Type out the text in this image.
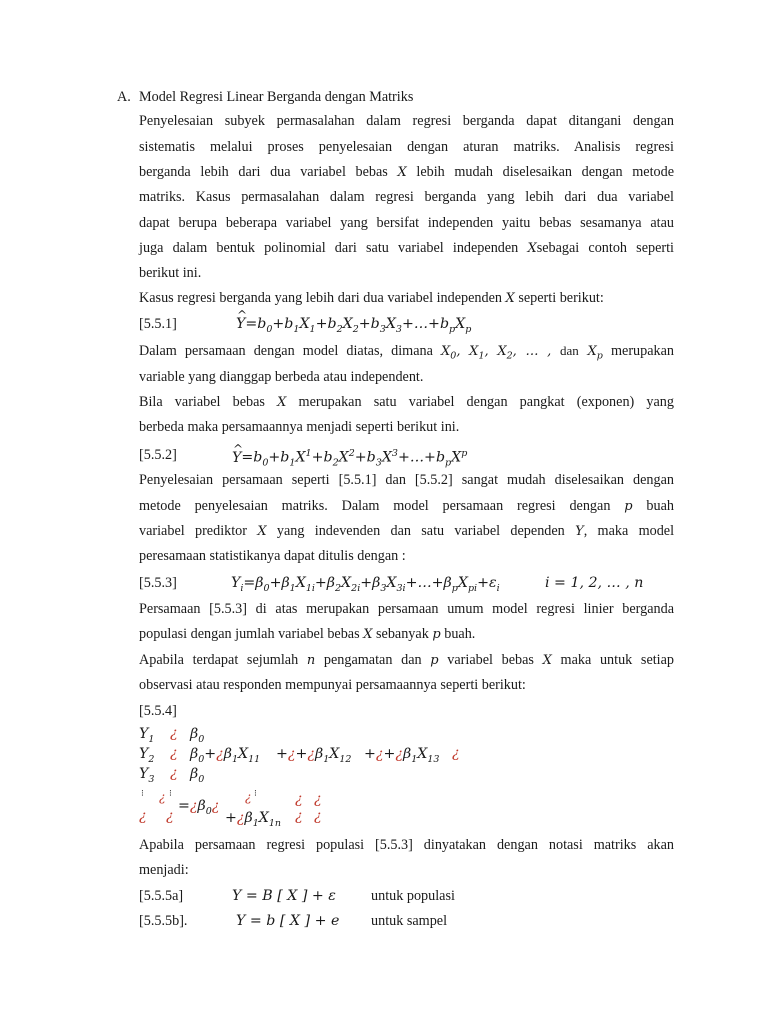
A. Model Regresi Linear Berganda dengan Matriks
Penyelesaian subyek permasalahan dalam regresi berganda dapat ditangani dengan
sistematis melalui proses penyelesaian dengan aturan matriks. Analisis regresi
berganda lebih dari dua variabel bebas X lebih mudah diselesaikan dengan metode
matriks. Kasus permasalahan dalam regresi berganda yang lebih dari dua variabel
dapat berupa beberapa variabel yang bersifat independen yaitu bebas sesamanya atau
juga dalam bentuk polinomial dari satu variabel independen Xsebagai contoh seperti
berikut ini.
Kasus regresi berganda yang lebih dari dua variabel independen X seperti berikut:
[5.5.1]	^ $Y=b_0+b_1X_1+b_2X_2+b_3X_3+\dots+b_pX_p$
Dalam persamaan dengan model diatas, dimana $X_0$, $X_1$, $X_2$, … , dan $X_p$ merupakan
variable yang dianggap berbeda atau independent.
Bila variabel bebas X merupakan satu variabel dengan pangkat (exponen) yang
berbeda maka persamaannya menjadi seperti berikut ini.
[5.5.2]	^ $Y=b_0+b_1X^1+b_2X^2+b_3X^3+\dots+b_pX^p$
Penyelesaian persamaan seperti [5.5.1] dan [5.5.2] sangat mudah diselesaikan dengan
metode penyelesaian matriks. Dalam model persamaan regresi dengan p buah
variabel prediktor X yang indevenden dan satu variabel dependen Y, maka model
peresamaan statistikanya dapat ditulis dengan :
[5.5.3]	$Y_i=\beta_0+\beta_1X_{1i}+\beta_2X_{2i}+\beta_3X_{3i}+\dots+\beta_pX_{pi}+\varepsilon_i$	i = 1, 2, … , n
Persamaan [5.5.3] di atas merupakan persamaan umum model regresi linier berganda
populasi dengan jumlah variabel bebas X sebanyak p buah.
Apabila terdapat sejumlah n pengamatan dan p variabel bebas X maka untuk setiap
observasi atau responden mempunyai persamaannya seperti berikut:
[5.5.4]
$Y_1$ ¿ $\beta_0$
$Y_2$ ¿ $\beta_0+¿\beta_1X_{11}$ $+¿+¿\beta_1X_{12}$ $+¿+¿\beta_1X_{13}$ ¿
$Y_3$ ¿ $\beta_0$
⁝ ¿ ⁝
$=¿\beta_0¿$
¿ ⁝	¿ ¿
¿ ¿	$+¿\beta_1X_{1n}$ ¿ ¿
Apabila persamaan regresi populasi [5.5.3] dinyatakan dengan notasi matriks akan
menjadi:
[5.5.5a]	Y = B [ X ] + ε untuk populasi
[5.5.5b].	Y = b [ X ] + e untuk sampel
